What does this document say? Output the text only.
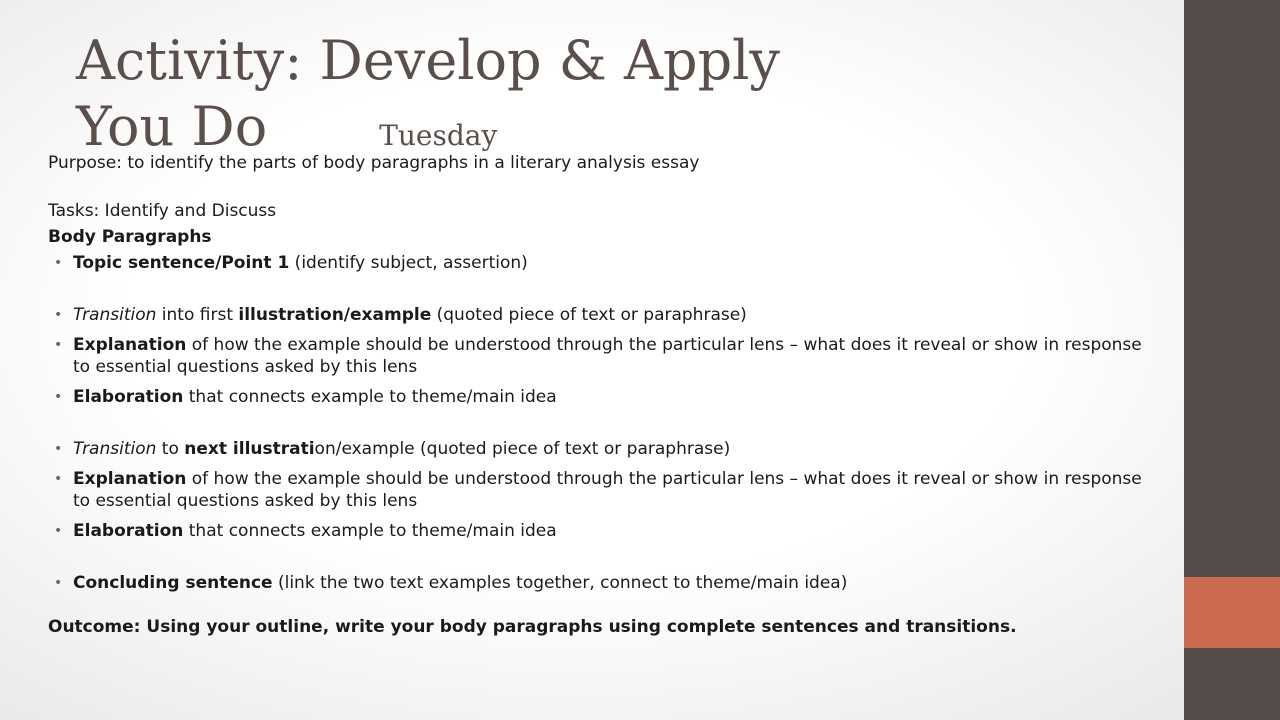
Activity: Develop & Apply
You Do	Tuesday

Purpose: to identify the parts of body paragraphs in a literary analysis essay

Tasks: Identify and Discuss

Body Paragraphs

• Topic sentence/Point 1 (identify subject, assertion)
• Transition into first illustration/example (quoted piece of text or paraphrase)
• Explanation of how the example should be understood through the particular lens – what does it reveal or show in response to essential questions asked by this lens
• Elaboration that connects example to theme/main idea
• Transition to next illustration/example (quoted piece of text or paraphrase)
• Explanation of how the example should be understood through the particular lens – what does it reveal or show in response to essential questions asked by this lens
• Elaboration that connects example to theme/main idea
• Concluding sentence (link the two text examples together, connect to theme/main idea)

Outcome: Using your outline, write your body paragraphs using complete sentences and transitions.
